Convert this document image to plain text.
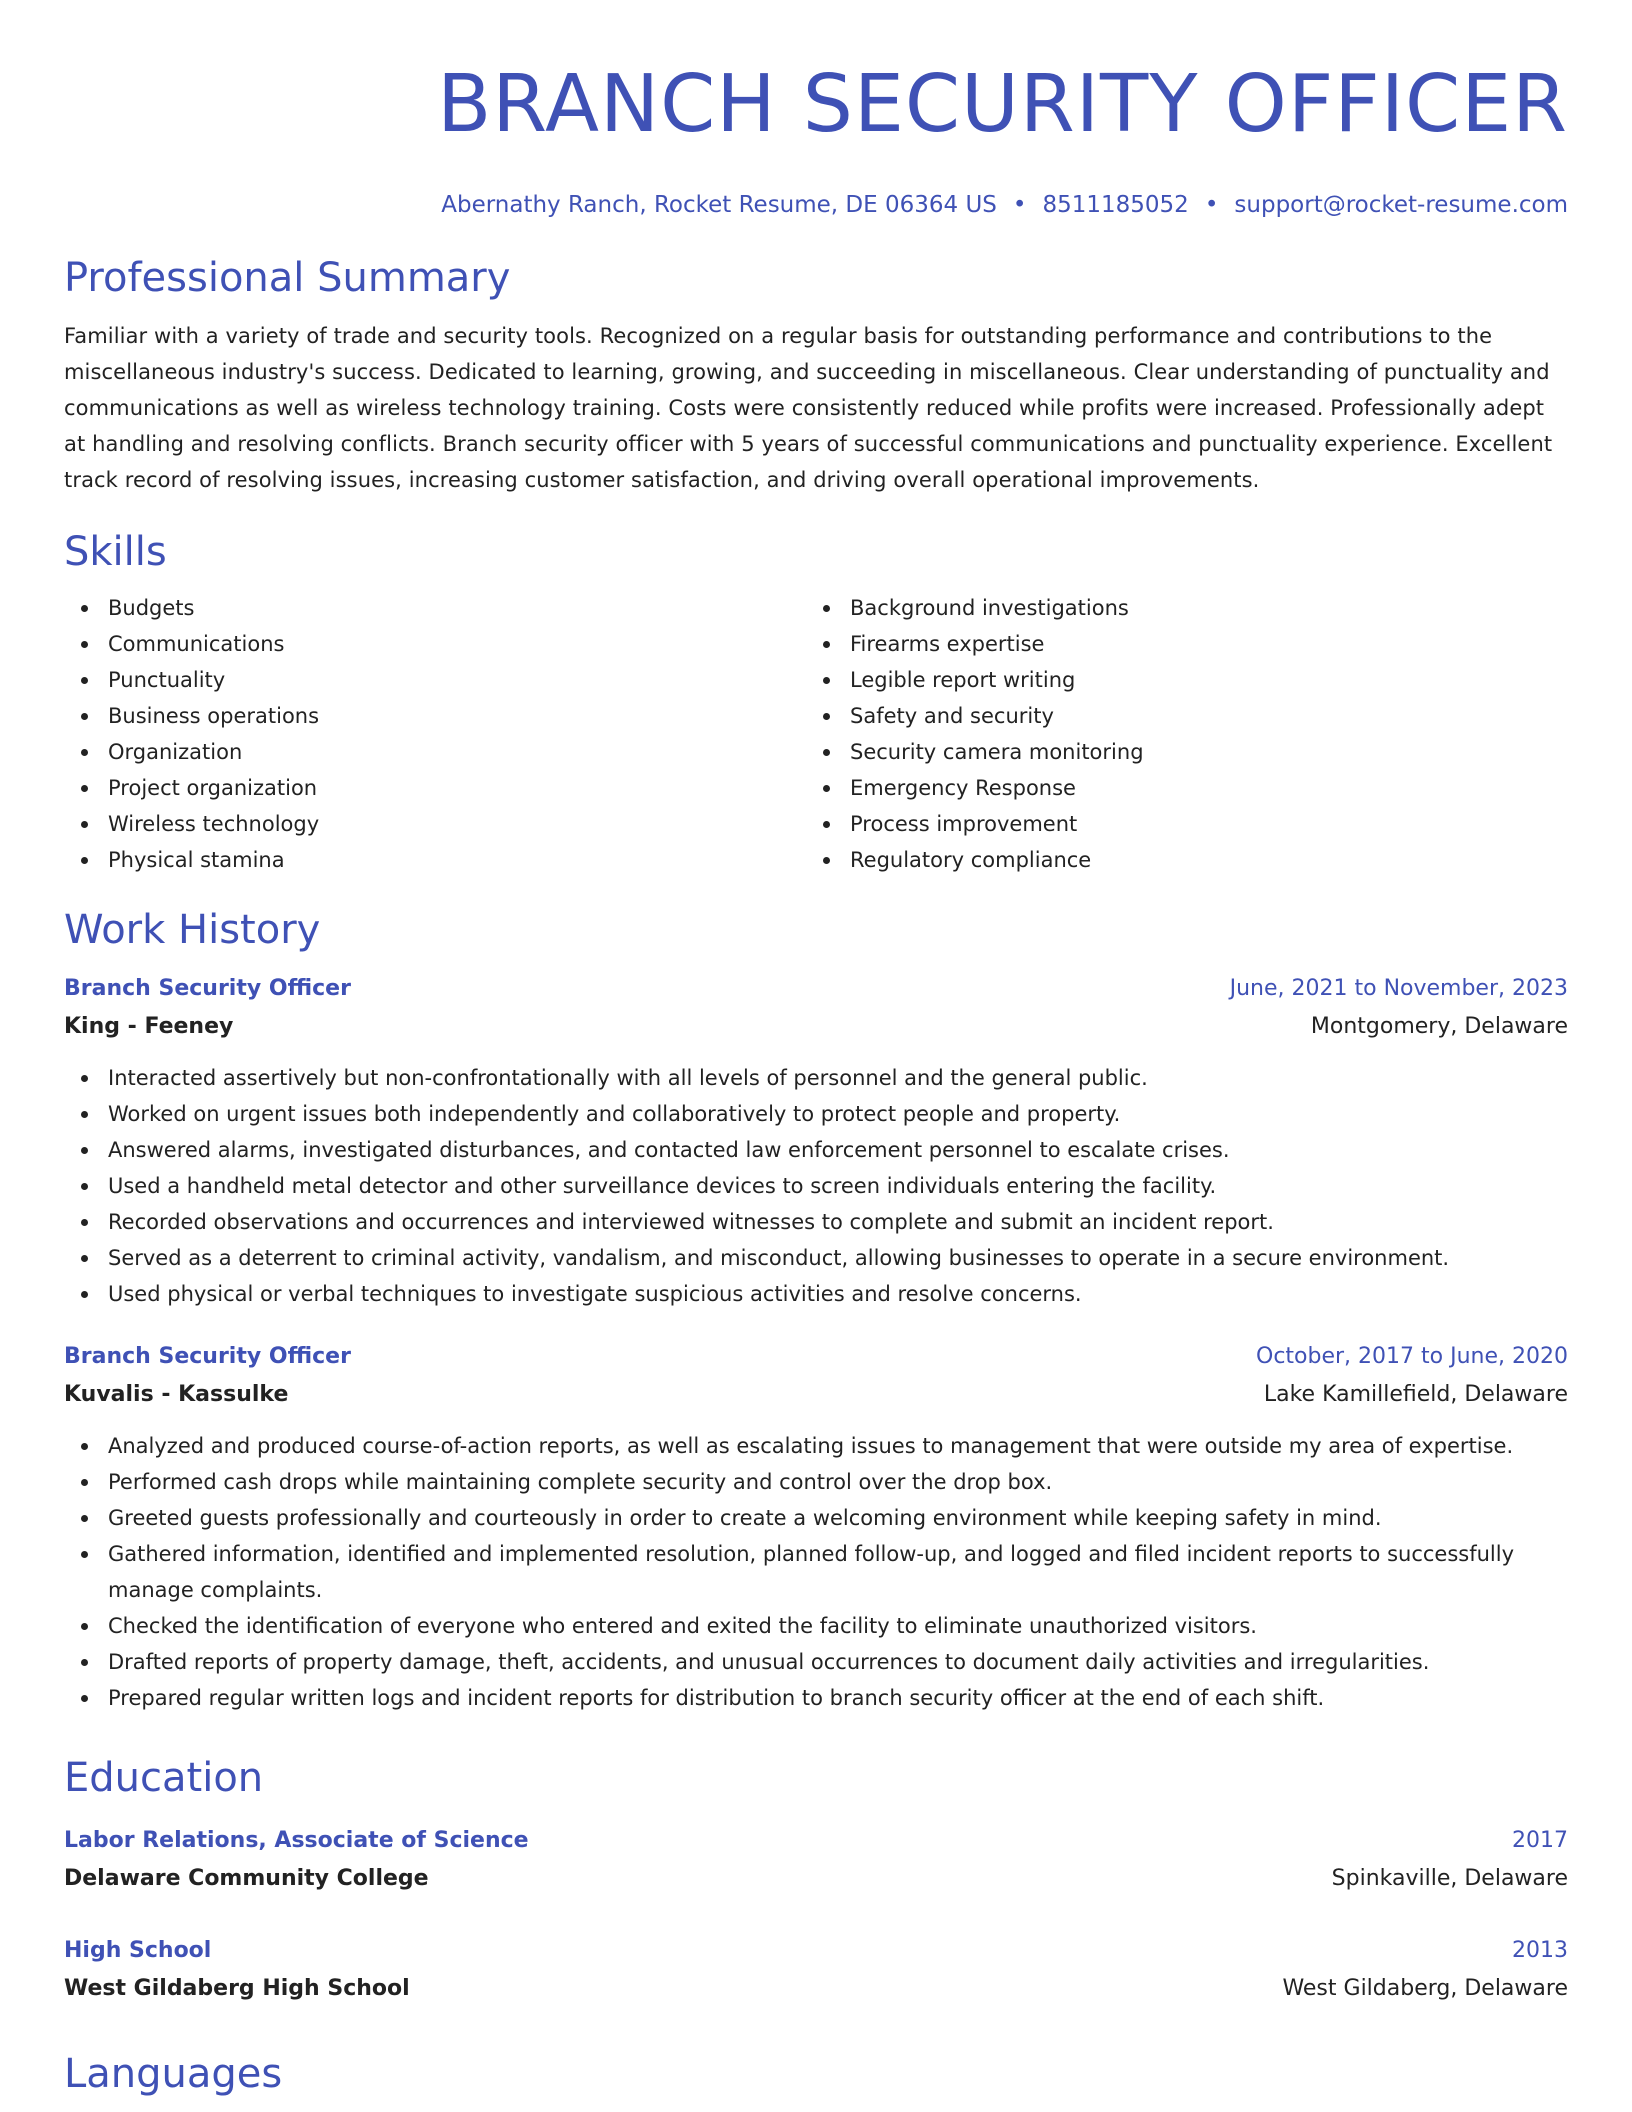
BRANCH SECURITY OFFICER
Abernathy Ranch, Rocket Resume, DE 06364 US • 8511185052 • support@rocket-resume.com
Professional Summary

Familiar with a variety of trade and security tools. Recognized on a regular basis for outstanding performance and contributions to the miscellaneous industry's success. Dedicated to learning, growing, and succeeding in miscellaneous. Clear understanding of punctuality and communications as well as wireless technology training. Costs were consistently reduced while profits were increased. Professionally adept at handling and resolving conflicts. Branch security officer with 5 years of successful communications and punctuality experience. Excellent track record of resolving issues, increasing customer satisfaction, and driving overall operational improvements.

Skills
Budgets
Communications
Punctuality
Business operations
Organization
Project organization
Wireless technology
Physical stamina
Background investigations
Firearms expertise
Legible report writing
Safety and security
Security camera monitoring
Emergency Response
Process improvement
Regulatory compliance
Work History
Branch Security Officer	June, 2021 to November, 2023
King - Feeney	Montgomery, Delaware
Interacted assertively but non-confrontationally with all levels of personnel and the general public.
Worked on urgent issues both independently and collaboratively to protect people and property.
Answered alarms, investigated disturbances, and contacted law enforcement personnel to escalate crises.
Used a handheld metal detector and other surveillance devices to screen individuals entering the facility.
Recorded observations and occurrences and interviewed witnesses to complete and submit an incident report.
Served as a deterrent to criminal activity, vandalism, and misconduct, allowing businesses to operate in a secure environment.
Used physical or verbal techniques to investigate suspicious activities and resolve concerns.
Branch Security Officer	October, 2017 to June, 2020
Kuvalis - Kassulke	Lake Kamillefield, Delaware
Analyzed and produced course-of-action reports, as well as escalating issues to management that were outside my area of expertise.
Performed cash drops while maintaining complete security and control over the drop box.
Greeted guests professionally and courteously in order to create a welcoming environment while keeping safety in mind.
Gathered information, identified and implemented resolution, planned follow-up, and logged and filed incident reports to successfully manage complaints.
Checked the identification of everyone who entered and exited the facility to eliminate unauthorized visitors.
Drafted reports of property damage, theft, accidents, and unusual occurrences to document daily activities and irregularities.
Prepared regular written logs and incident reports for distribution to branch security officer at the end of each shift.
Education
Labor Relations, Associate of Science	2017
Delaware Community College	Spinkaville, Delaware
High School	2013
West Gildaberg High School	West Gildaberg, Delaware
Languages
